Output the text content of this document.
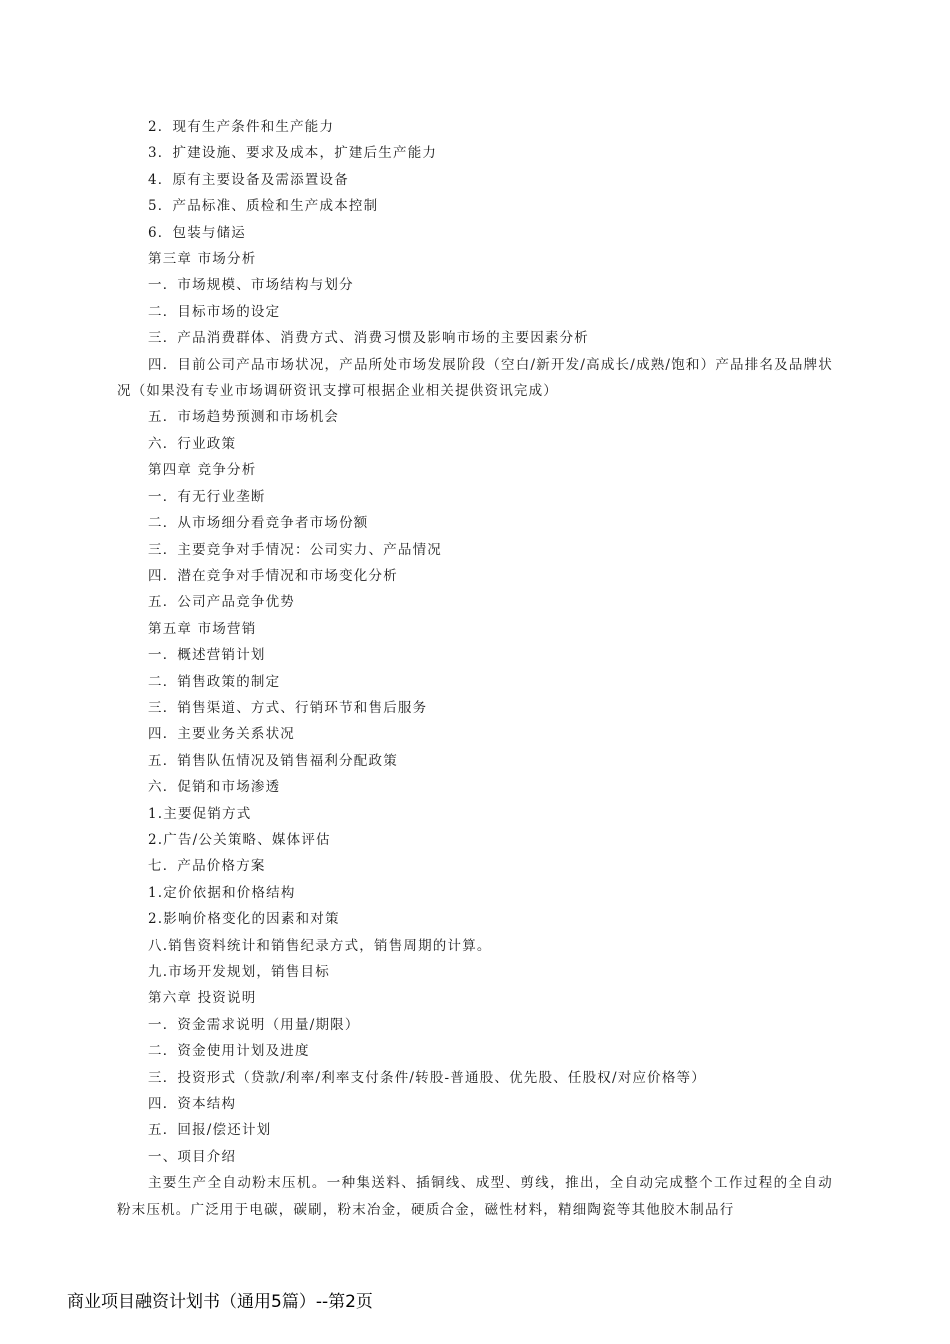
2．现有生产条件和生产能力
3．扩建设施、要求及成本，扩建后生产能力
4．原有主要设备及需添置设备
5．产品标准、质检和生产成本控制
6．包装与储运
第三章 市场分析
一．市场规模、市场结构与划分
二．目标市场的设定
三．产品消费群体、消费方式、消费习惯及影响市场的主要因素分析
四．目前公司产品市场状况，产品所处市场发展阶段（空白/新开发/高成长/成熟/饱和）产品排名及品牌状况（如果没有专业市场调研资讯支撑可根据企业相关提供资讯完成）
五．市场趋势预测和市场机会
六．行业政策
第四章 竞争分析
一．有无行业垄断
二．从市场细分看竞争者市场份额
三．主要竞争对手情况：公司实力、产品情况
四．潜在竞争对手情况和市场变化分析
五．公司产品竞争优势
第五章 市场营销
一．概述营销计划
二．销售政策的制定
三．销售渠道、方式、行销环节和售后服务
四．主要业务关系状况
五．销售队伍情况及销售福利分配政策
六．促销和市场渗透
1.主要促销方式
2.广告/公关策略、媒体评估
七．产品价格方案
1.定价依据和价格结构
2.影响价格变化的因素和对策
八.销售资料统计和销售纪录方式，销售周期的计算。
九.市场开发规划，销售目标
第六章 投资说明
一．资金需求说明（用量/期限）
二．资金使用计划及进度
三．投资形式（贷款/利率/利率支付条件/转股-普通股、优先股、任股权/对应价格等）
四．资本结构
五．回报/偿还计划
一、项目介绍
主要生产全自动粉末压机。一种集送料、插铜线、成型、剪线，推出，全自动完成整个工作过程的全自动粉末压机。广泛用于电碳，碳刷，粉末冶金，硬质合金，磁性材料，精细陶瓷等其他胶木制品行
商业项目融资计划书（通用5篇）--第2页
